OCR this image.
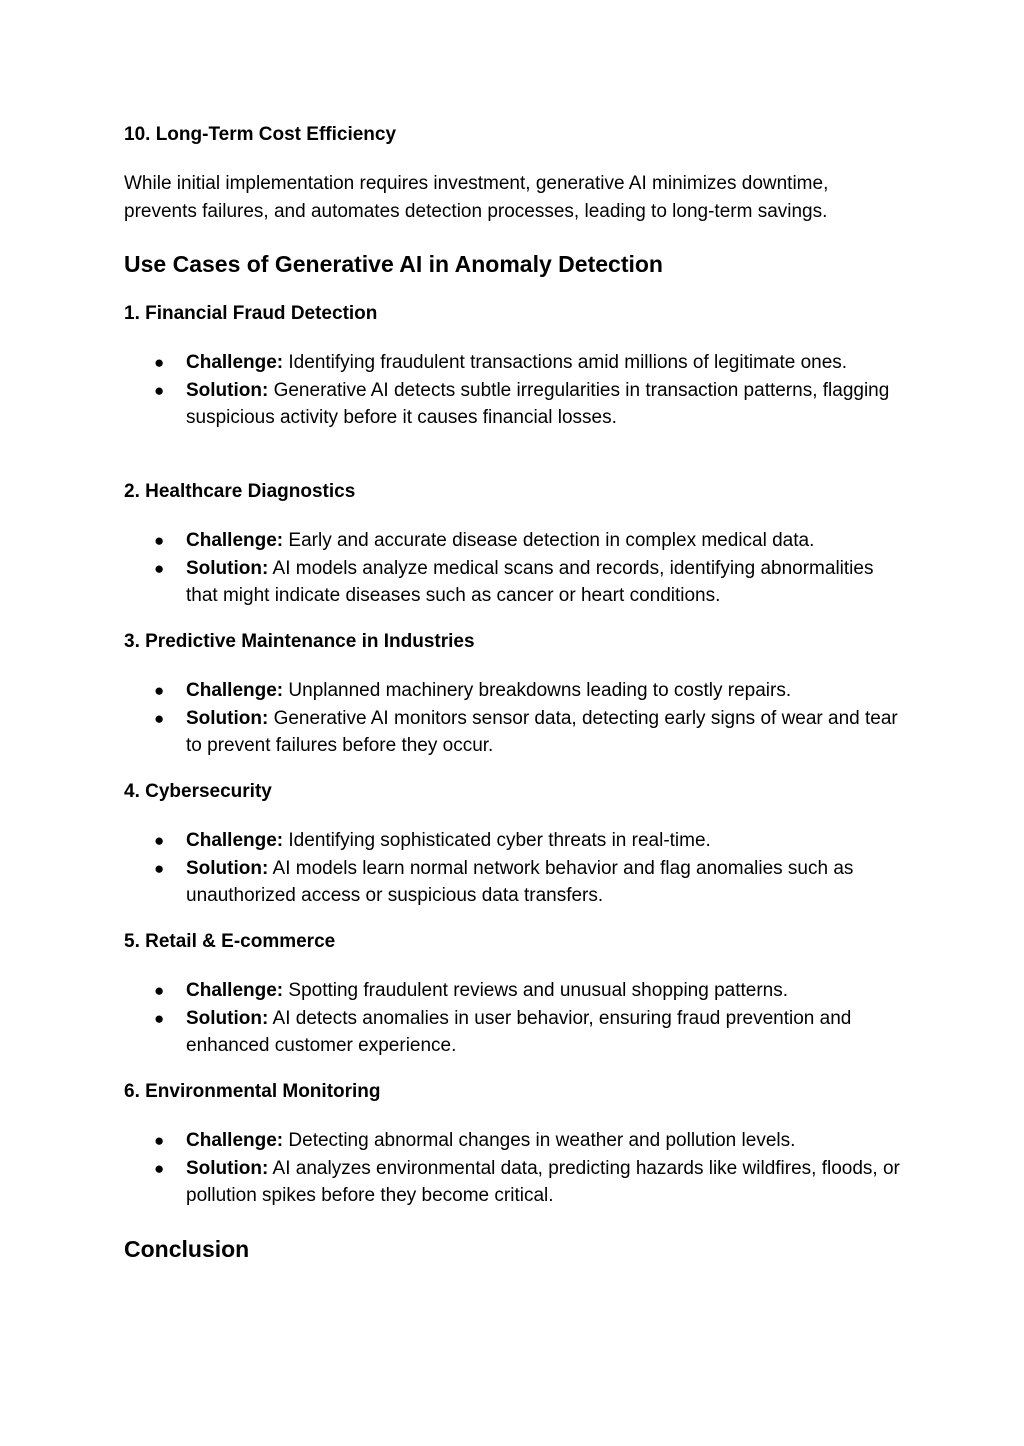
10. Long-Term Cost Efficiency

While initial implementation requires investment, generative AI minimizes downtime, prevents failures, and automates detection processes, leading to long-term savings.

Use Cases of Generative AI in Anomaly Detection
1. Financial Fraud Detection
● Challenge: Identifying fraudulent transactions amid millions of legitimate ones.
● Solution: Generative AI detects subtle irregularities in transaction patterns, flagging suspicious activity before it causes financial losses.
2. Healthcare Diagnostics
● Challenge: Early and accurate disease detection in complex medical data.
● Solution: AI models analyze medical scans and records, identifying abnormalities that might indicate diseases such as cancer or heart conditions.
3. Predictive Maintenance in Industries
● Challenge: Unplanned machinery breakdowns leading to costly repairs.
● Solution: Generative AI monitors sensor data, detecting early signs of wear and tear to prevent failures before they occur.
4. Cybersecurity
● Challenge: Identifying sophisticated cyber threats in real-time.
● Solution: AI models learn normal network behavior and flag anomalies such as unauthorized access or suspicious data transfers.
5. Retail & E-commerce
● Challenge: Spotting fraudulent reviews and unusual shopping patterns.
● Solution: AI detects anomalies in user behavior, ensuring fraud prevention and enhanced customer experience.
6. Environmental Monitoring
● Challenge: Detecting abnormal changes in weather and pollution levels.
● Solution: AI analyzes environmental data, predicting hazards like wildfires, floods, or pollution spikes before they become critical.
Conclusion
